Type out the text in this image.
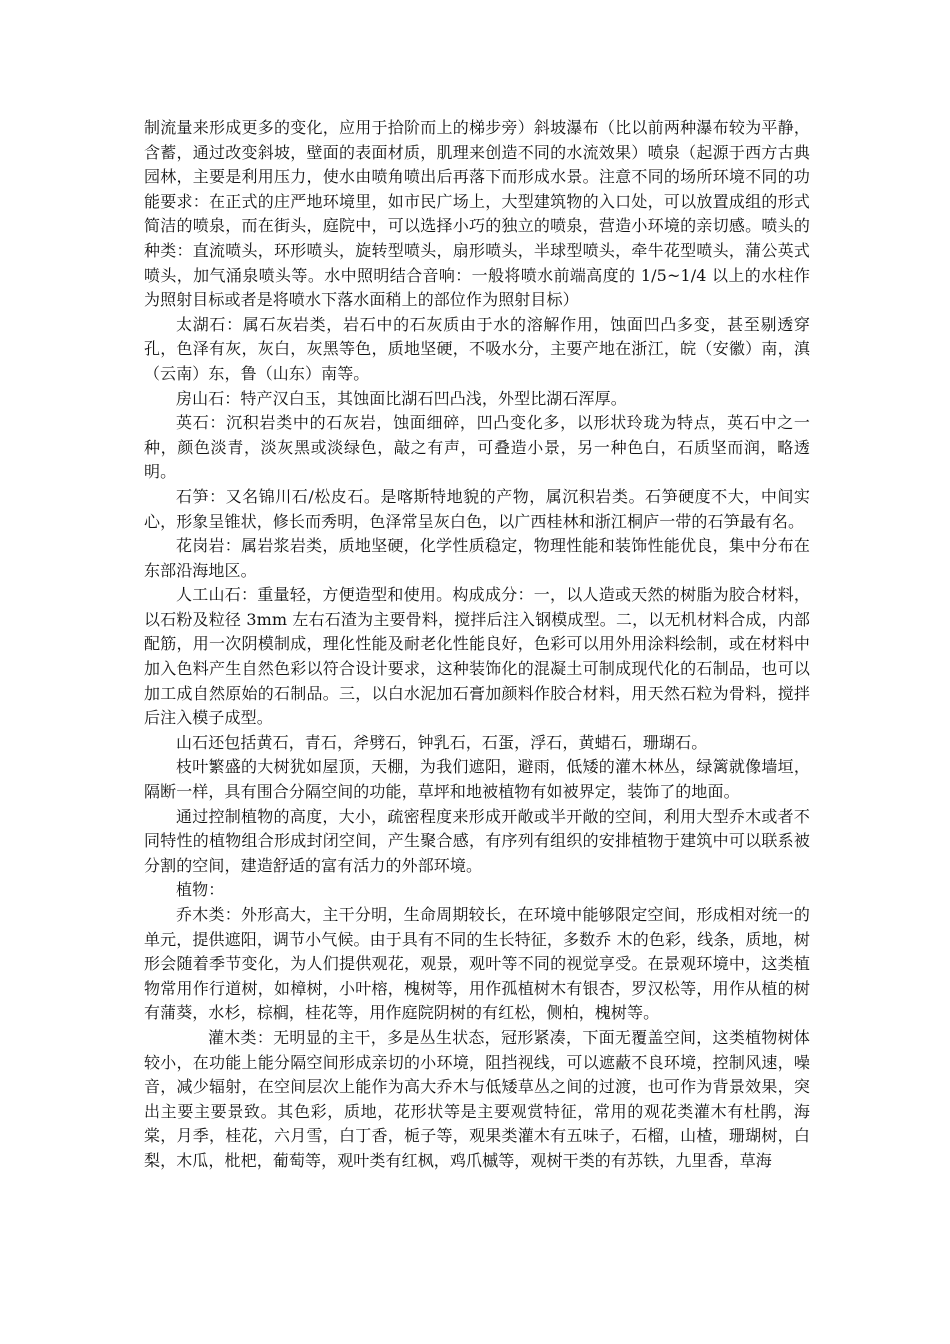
制流量来形成更多的变化，应用于拾阶而上的梯步旁）斜坡瀑布（比以前两种瀑布较为平静，含蓄，通过改变斜坡，壁面的表面材质，肌理来创造不同的水流效果）喷泉（起源于西方古典园林，主要是利用压力，使水由喷角喷出后再落下而形成水景。注意不同的场所环境不同的功能要求：在正式的庄严地环境里，如市民广场上，大型建筑物的入口处，可以放置成组的形式简洁的喷泉，而在街头，庭院中，可以选择小巧的独立的喷泉，营造小环境的亲切感。喷头的种类：直流喷头，环形喷头，旋转型喷头，扇形喷头，半球型喷头，牵牛花型喷头，蒲公英式喷头，加气涌泉喷头等。水中照明结合音响：一般将喷水前端高度的 1/5~1/4 以上的水柱作为照射目标或者是将喷水下落水面稍上的部位作为照射目标）

太湖石：属石灰岩类，岩石中的石灰质由于水的溶解作用，蚀面凹凸多变，甚至剔透穿孔，色泽有灰，灰白，灰黑等色，质地坚硬，不吸水分，主要产地在浙江，皖（安徽）南，滇（云南）东，鲁（山东）南等。

房山石：特产汉白玉，其蚀面比湖石凹凸浅，外型比湖石浑厚。

英石：沉积岩类中的石灰岩，蚀面细碎，凹凸变化多，以形状玲珑为特点，英石中之一种，颜色淡青，淡灰黑或淡绿色，敲之有声，可叠造小景，另一种色白，石质坚而润，略透明。

石笋：又名锦川石/松皮石。是喀斯特地貌的产物，属沉积岩类。石笋硬度不大，中间实心，形象呈锥状，修长而秀明，色泽常呈灰白色，以广西桂林和浙江桐庐一带的石笋最有名。

花岗岩：属岩浆岩类，质地坚硬，化学性质稳定，物理性能和装饰性能优良，集中分布在东部沿海地区。

人工山石：重量轻，方便造型和使用。构成成分：一，以人造或天然的树脂为胶合材料，以石粉及粒径 3mm 左右石渣为主要骨料，搅拌后注入钢模成型。二，以无机材料合成，内部配筋，用一次阴模制成，理化性能及耐老化性能良好，色彩可以用外用涂料绘制，或在材料中加入色料产生自然色彩以符合设计要求，这种装饰化的混凝土可制成现代化的石制品，也可以加工成自然原始的石制品。三，以白水泥加石膏加颜料作胶合材料，用天然石粒为骨料，搅拌后注入模子成型。

山石还包括黄石，青石，斧劈石，钟乳石，石蛋，浮石，黄蜡石，珊瑚石。

枝叶繁盛的大树犹如屋顶，天棚，为我们遮阳，避雨，低矮的灌木林丛，绿篱就像墙垣，隔断一样，具有围合分隔空间的功能，草坪和地被植物有如被界定，装饰了的地面。

通过控制植物的高度，大小，疏密程度来形成开敞或半开敞的空间，利用大型乔木或者不同特性的植物组合形成封闭空间，产生聚合感，有序列有组织的安排植物于建筑中可以联系被分割的空间，建造舒适的富有活力的外部环境。

植物：

乔木类：外形高大，主干分明，生命周期较长，在环境中能够限定空间，形成相对统一的单元，提供遮阳，调节小气候。由于具有不同的生长特征，多数乔 木的色彩，线条，质地，树形会随着季节变化，为人们提供观花，观景，观叶等不同的视觉享受。在景观环境中，这类植物常用作行道树，如樟树，小叶榕，槐树等，用作孤植树木有银杏，罗汉松等，用作从植的树有蒲葵，水杉，棕榈，桂花等，用作庭院阴树的有红松，侧柏，槐树等。

灌木类：无明显的主干，多是丛生状态，冠形紧凑，下面无覆盖空间，这类植物树体较小，在功能上能分隔空间形成亲切的小环境，阻挡视线，可以遮蔽不良环境，控制风速，噪音，减少辐射，在空间层次上能作为高大乔木与低矮草丛之间的过渡，也可作为背景效果，突出主要主要景致。其色彩，质地，花形状等是主要观赏特征，常用的观花类灌木有杜鹃，海棠，月季，桂花，六月雪，白丁香，栀子等，观果类灌木有五味子，石榴，山楂，珊瑚树，白梨，木瓜，枇杷，葡萄等，观叶类有红枫，鸡爪槭等，观树干类的有苏铁，九里香，草海
